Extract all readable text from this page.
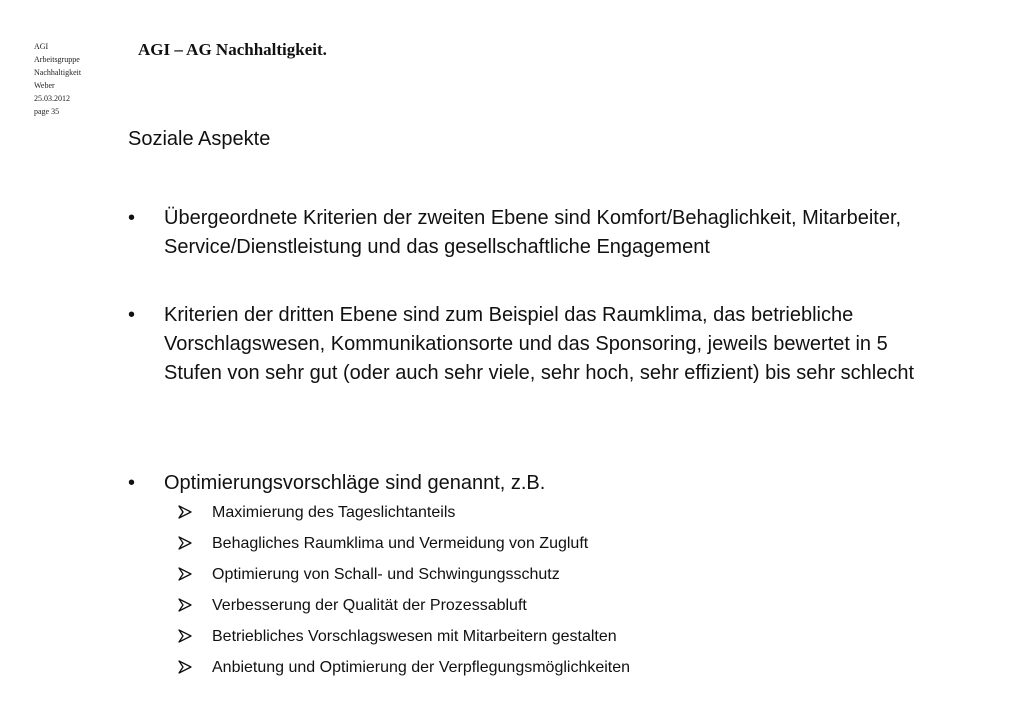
AGI
Arbeitsgruppe
Nachhaltigkeit
Weber
25.03.2012
page 35
AGI – AG Nachhaltigkeit.
Soziale Aspekte
•	Übergeordnete Kriterien der zweiten Ebene sind Komfort/Behaglichkeit, Mitarbeiter, Service/Dienstleistung und das gesellschaftliche Engagement
•	Kriterien der dritten Ebene sind zum Beispiel das Raumklima, das betriebliche Vorschlagswesen, Kommunikationsorte und das Sponsoring, jeweils bewertet in 5 Stufen von sehr gut (oder auch sehr viele, sehr hoch, sehr effizient) bis sehr schlecht
•	Optimierungsvorschläge sind genannt, z.B.
Maximierung des Tageslichtanteils
Behagliches Raumklima und Vermeidung von Zugluft
Optimierung von Schall- und Schwingungsschutz
Verbesserung der Qualität der Prozessabluft
Betriebliches Vorschlagswesen mit Mitarbeitern gestalten
Anbietung und Optimierung der Verpflegungsmöglichkeiten
